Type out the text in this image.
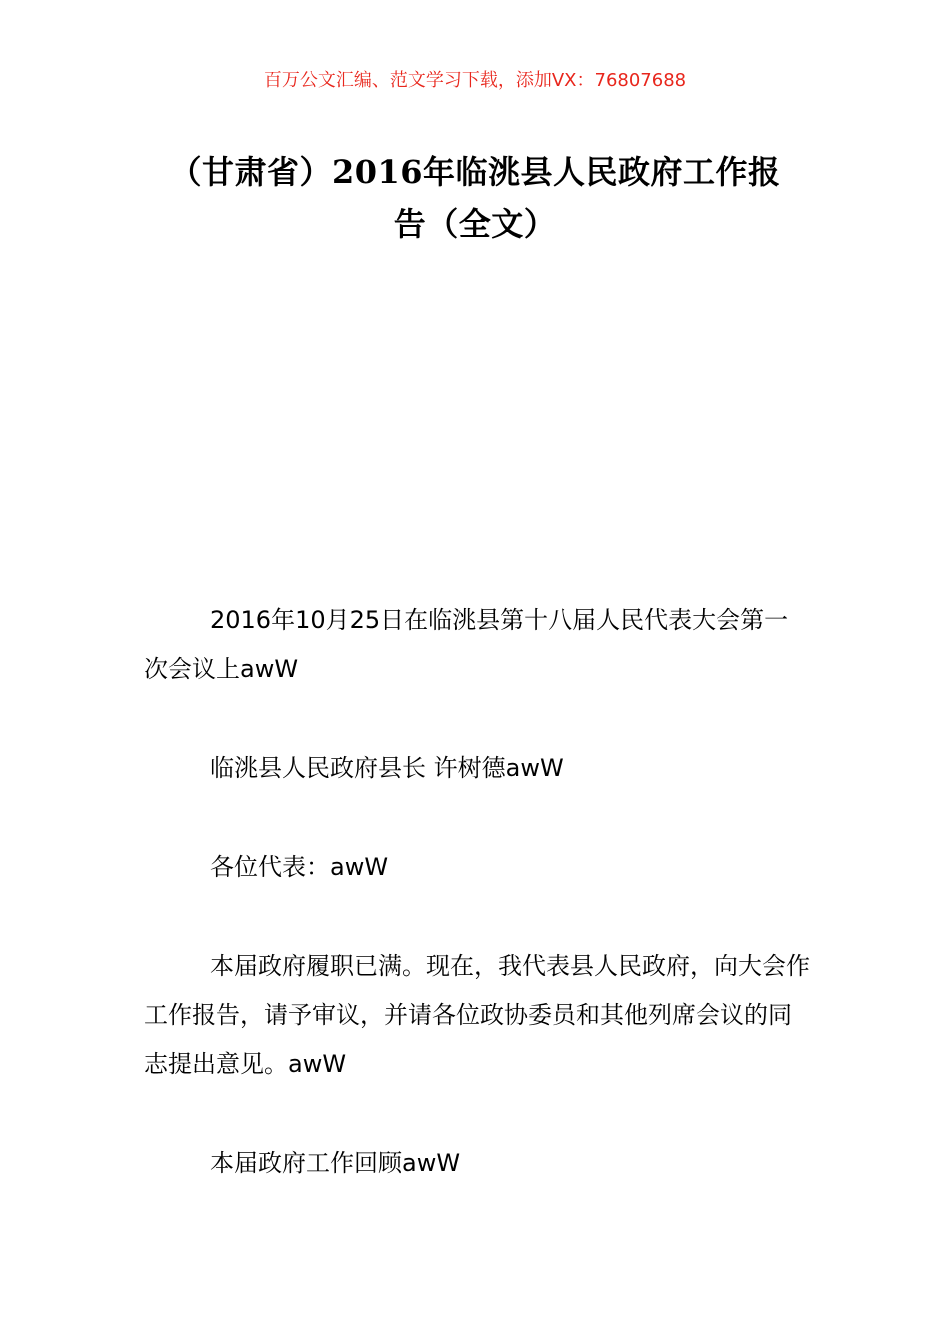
百万公文汇编、范文学习下载，添加VX：76807688
（甘肃省）2016年临洮县人民政府工作报
告（全文）

2016年10月25日在临洮县第十八届人民代表大会第一次会议上awW

临洮县人民政府县长 许树德awW

各位代表：awW

本届政府履职已满。现在，我代表县人民政府，向大会作工作报告，请予审议，并请各位政协委员和其他列席会议的同志提出意见。awW

本届政府工作回顾awW
